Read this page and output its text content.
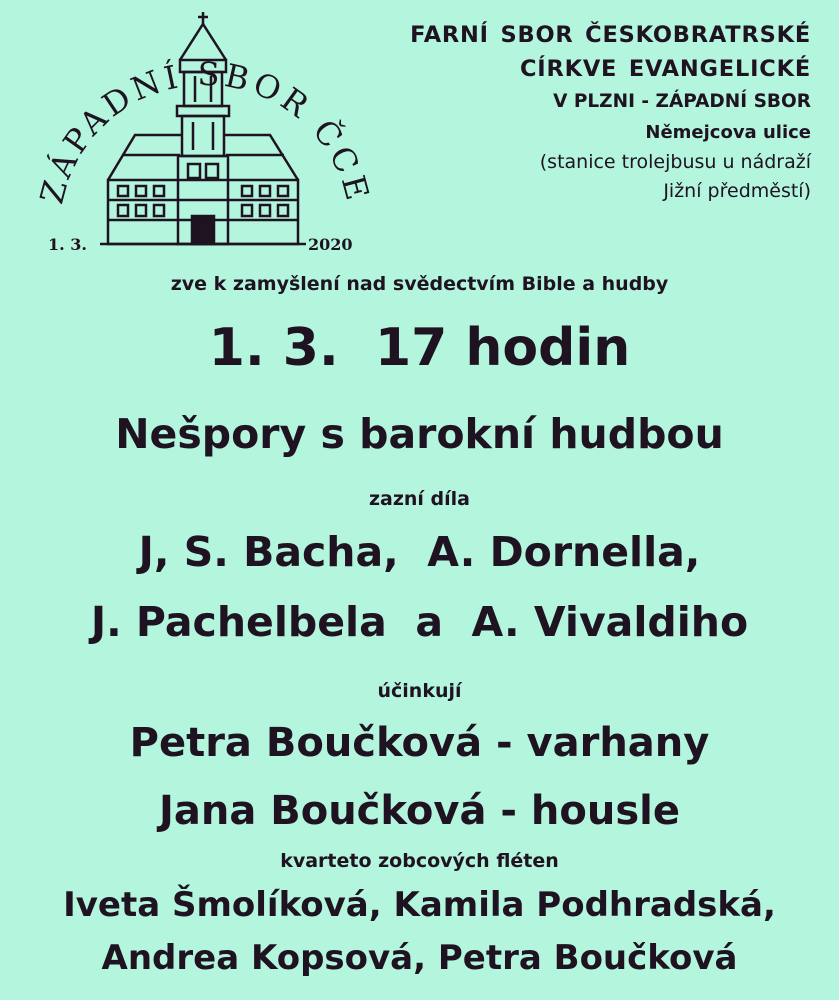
ZÁPADNÍ SBOR ČCE
1. 3.	2020
FARNÍ SBOR ČESKOBRATRSKÉ
CÍRKVE EVANGELICKÉ
V PLZNI - ZÁPADNÍ SBOR
Němejcova ulice
(stanice trolejbusu u nádraží
Jižní předměstí)
zve k zamyšlení nad svědectvím Bible a hudby
1. 3.  17 hodin
Nešpory s barokní hudbou
zazní díla
J, S. Bacha,  A. Dornella,
J. Pachelbela  a  A. Vivaldiho
účinkují
Petra Boučková - varhany
Jana Boučková - housle
kvarteto zobcových fléten
Iveta Šmolíková, Kamila Podhradská,
Andrea Kopsová, Petra Boučková
